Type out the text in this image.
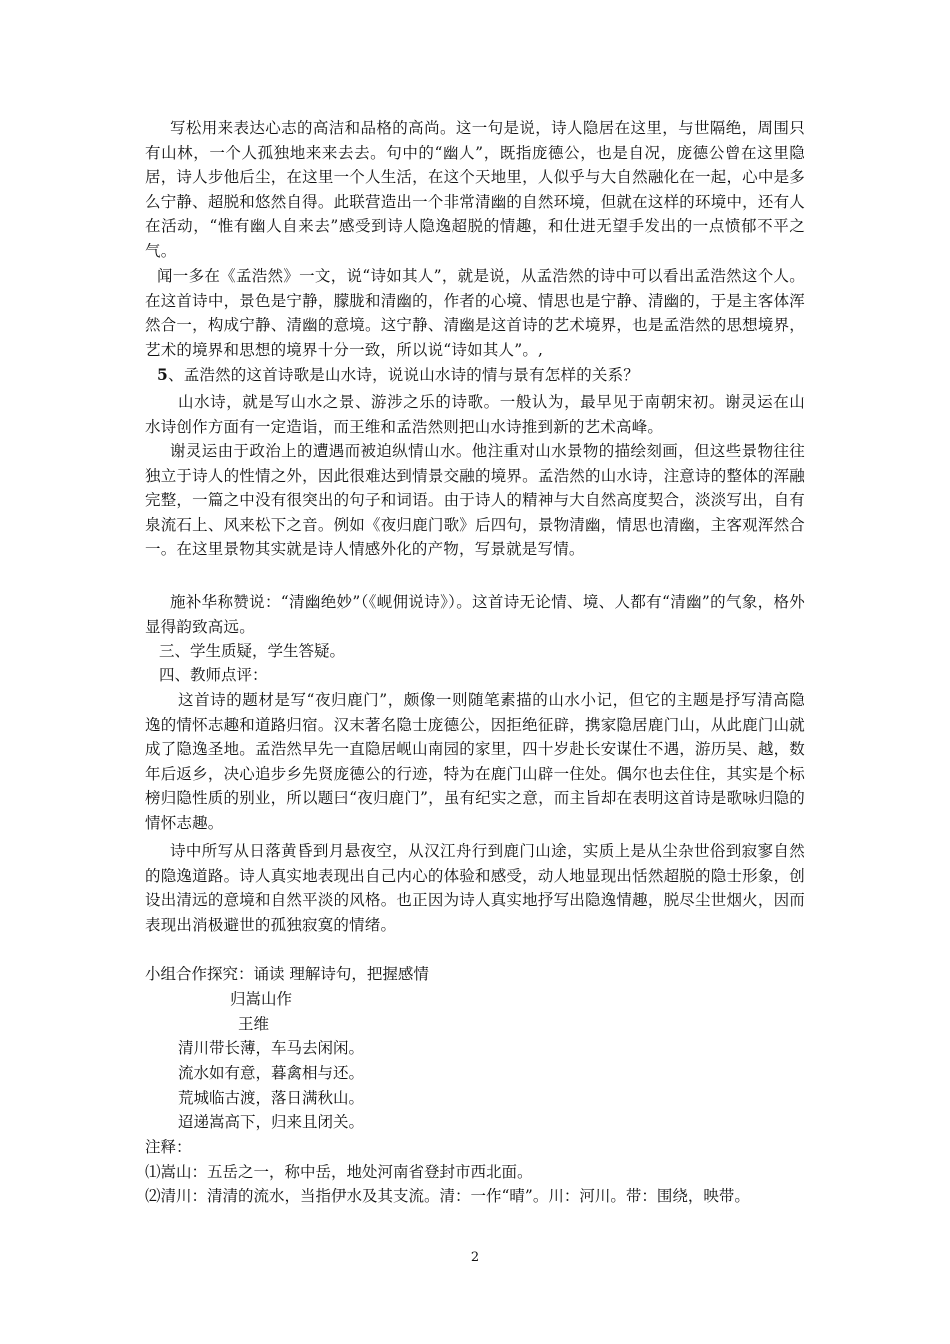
写松用来表达心志的高洁和品格的高尚。这一句是说，诗人隐居在这里，与世隔绝，周围只有山林，一个人孤独地来来去去。句中的“幽人”，既指庞德公，也是自况，庞德公曾在这里隐居，诗人步他后尘，在这里一个人生活，在这个天地里，人似乎与大自然融化在一起，心中是多么宁静、超脱和悠然自得。此联营造出一个非常清幽的自然环境，但就在这样的环境中，还有人在活动，“惟有幽人自来去”感受到诗人隐逸超脱的情趣，和仕进无望手发出的一点愤郁不平之气。

闻一多在《孟浩然》一文，说“诗如其人”，就是说，从孟浩然的诗中可以看出孟浩然这个人。在这首诗中，景色是宁静，朦胧和清幽的，作者的心境、情思也是宁静、清幽的，于是主客体浑然合一，构成宁静、清幽的意境。这宁静、清幽是这首诗的艺术境界，也是孟浩然的思想境界，艺术的境界和思想的境界十分一致，所以说“诗如其人”。,

5、孟浩然的这首诗歌是山水诗，说说山水诗的情与景有怎样的关系？

山水诗，就是写山水之景、游涉之乐的诗歌。一般认为，最早见于南朝宋初。谢灵运在山水诗创作方面有一定造诣，而王维和孟浩然则把山水诗推到新的艺术高峰。

谢灵运由于政治上的遭遇而被迫纵情山水。他注重对山水景物的描绘刻画，但这些景物往往独立于诗人的性情之外，因此很难达到情景交融的境界。孟浩然的山水诗，注意诗的整体的浑融完整，一篇之中没有很突出的句子和词语。由于诗人的精神与大自然高度契合，淡淡写出，自有泉流石上、风来松下之音。例如《夜归鹿门歌》后四句，景物清幽，情思也清幽，主客观浑然合一。在这里景物其实就是诗人情感外化的产物，写景就是写情。

施补华称赞说：“清幽绝妙”（《岘佣说诗》）。这首诗无论情、境、人都有“清幽”的气象，格外显得韵致高远。

三、学生质疑，学生答疑。

四、教师点评：

这首诗的题材是写“夜归鹿门”，颇像一则随笔素描的山水小记，但它的主题是抒写清高隐逸的情怀志趣和道路归宿。汉末著名隐士庞德公，因拒绝征辟，携家隐居鹿门山，从此鹿门山就成了隐逸圣地。孟浩然早先一直隐居岘山南园的家里，四十岁赴长安谋仕不遇，游历吴、越，数年后返乡，决心追步乡先贤庞德公的行迹，特为在鹿门山辟一住处。偶尔也去住住，其实是个标榜归隐性质的别业，所以题曰“夜归鹿门”，虽有纪实之意，而主旨却在表明这首诗是歌咏归隐的情怀志趣。

诗中所写从日落黄昏到月悬夜空，从汉江舟行到鹿门山途，实质上是从尘杂世俗到寂寥自然的隐逸道路。诗人真实地表现出自己内心的体验和感受，动人地显现出恬然超脱的隐士形象，创设出清远的意境和自然平淡的风格。也正因为诗人真实地抒写出隐逸情趣，脱尽尘世烟火，因而表现出消极避世的孤独寂寞的情绪。

小组合作探究：诵读 理解诗句，把握感情

归嵩山作

王维

清川带长薄，车马去闲闲。

流水如有意，暮禽相与还。

荒城临古渡，落日满秋山。

迢递嵩高下，归来且闭关。

注释：

⑴嵩山：五岳之一，称中岳，地处河南省登封市西北面。

⑵清川：清清的流水，当指伊水及其支流。清：一作“晴”。川：河川。带：围绕，映带。

2
